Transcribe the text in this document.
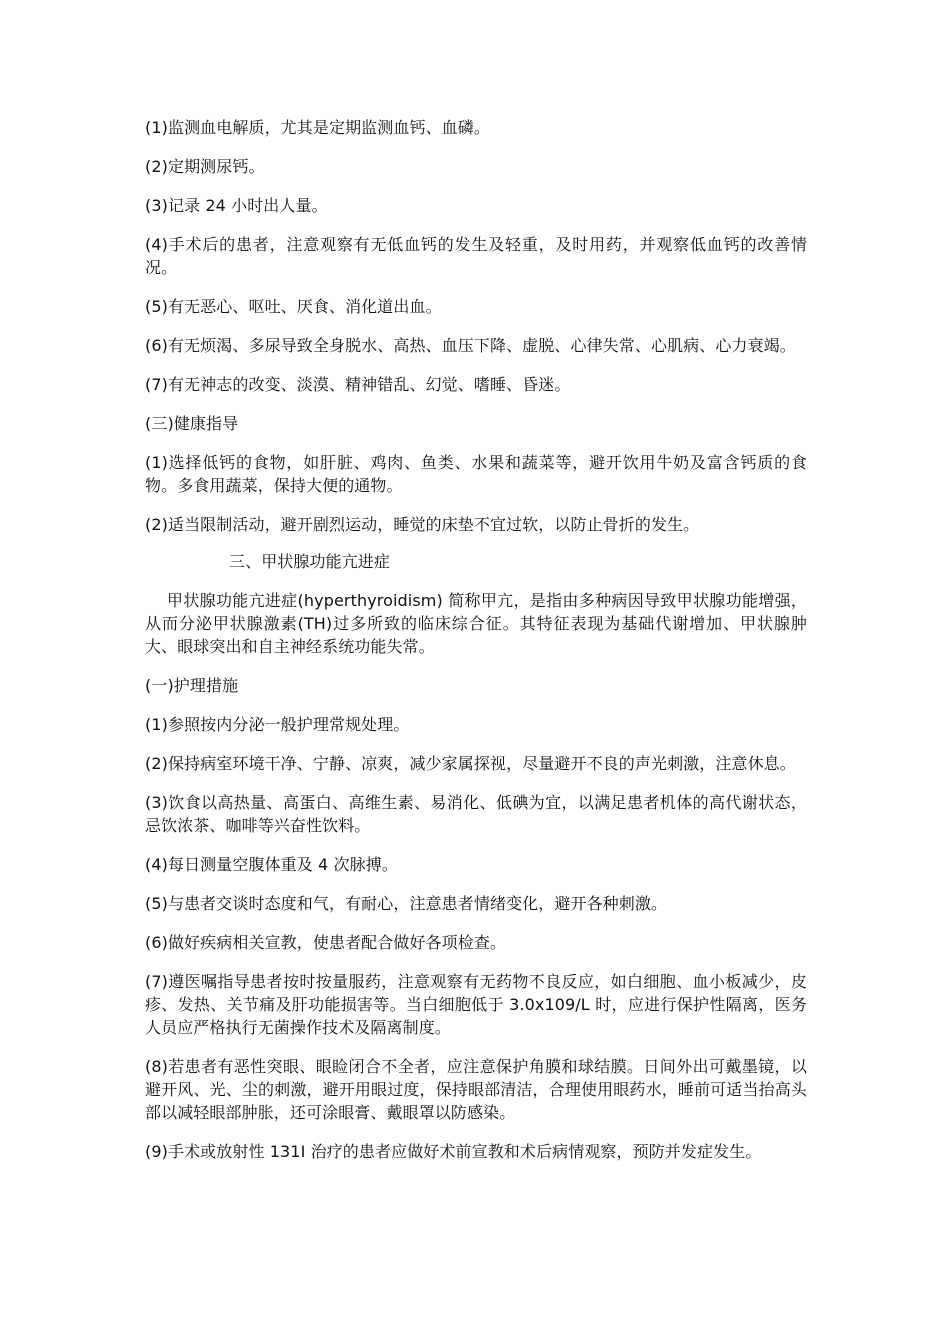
(1)监测血电解质，尤其是定期监测血钙、血磷。

(2)定期测尿钙。

(3)记录 24 小时出人量。

(4)手术后的患者，注意观察有无低血钙的发生及轻重，及时用药，并观察低血钙的改善情况。

(5)有无恶心、呕吐、厌食、消化道出血。

(6)有无烦渴、多尿导致全身脱水、高热、血压下降、虚脱、心律失常、心肌病、心力衰竭。

(7)有无神志的改变、淡漠、精神错乱、幻觉、嗜睡、昏迷。

(三)健康指导

(1)选择低钙的食物，如肝脏、鸡肉、鱼类、水果和蔬菜等，避开饮用牛奶及富含钙质的食物。多食用蔬菜，保持大便的通物。

(2)适当限制活动，避开剧烈运动，睡觉的床垫不宜过软，以防止骨折的发生。

三、甲状腺功能亢进症

甲状腺功能亢进症(hyperthyroidism) 简称甲亢，是指由多种病因导致甲状腺功能增强，从而分泌甲状腺激素(TH)过多所致的临床综合征。其特征表现为基础代谢增加、甲状腺肿大、眼球突出和自主神经系统功能失常。

(一)护理措施

(1)参照按内分泌一般护理常规处理。

(2)保持病室环境干净、宁静、凉爽，减少家属探视，尽量避开不良的声光刺激，注意休息。

(3)饮食以高热量、高蛋白、高维生素、易消化、低碘为宜，以满足患者机体的高代谢状态，忌饮浓茶、咖啡等兴奋性饮料。

(4)每日测量空腹体重及 4 次脉搏。

(5)与患者交谈时态度和气，有耐心，注意患者情绪变化，避开各种刺激。

(6)做好疾病相关宣教，使患者配合做好各项检查。

(7)遵医嘱指导患者按时按量服药，注意观察有无药物不良反应，如白细胞、血小板减少，皮疹、发热、关节痛及肝功能损害等。当白细胞低于 3.0x109/L 时，应进行保护性隔离，医务人员应严格执行无菌操作技术及隔离制度。

(8)若患者有恶性突眼、眼睑闭合不全者，应注意保护角膜和球结膜。日间外出可戴墨镜，以避开风、光、尘的刺激，避开用眼过度，保持眼部清洁，合理使用眼药水，睡前可适当抬高头部以减轻眼部肿胀，还可涂眼膏、戴眼罩以防感染。

(9)手术或放射性 131I 治疗的患者应做好术前宣教和术后病情观察，预防并发症发生。
